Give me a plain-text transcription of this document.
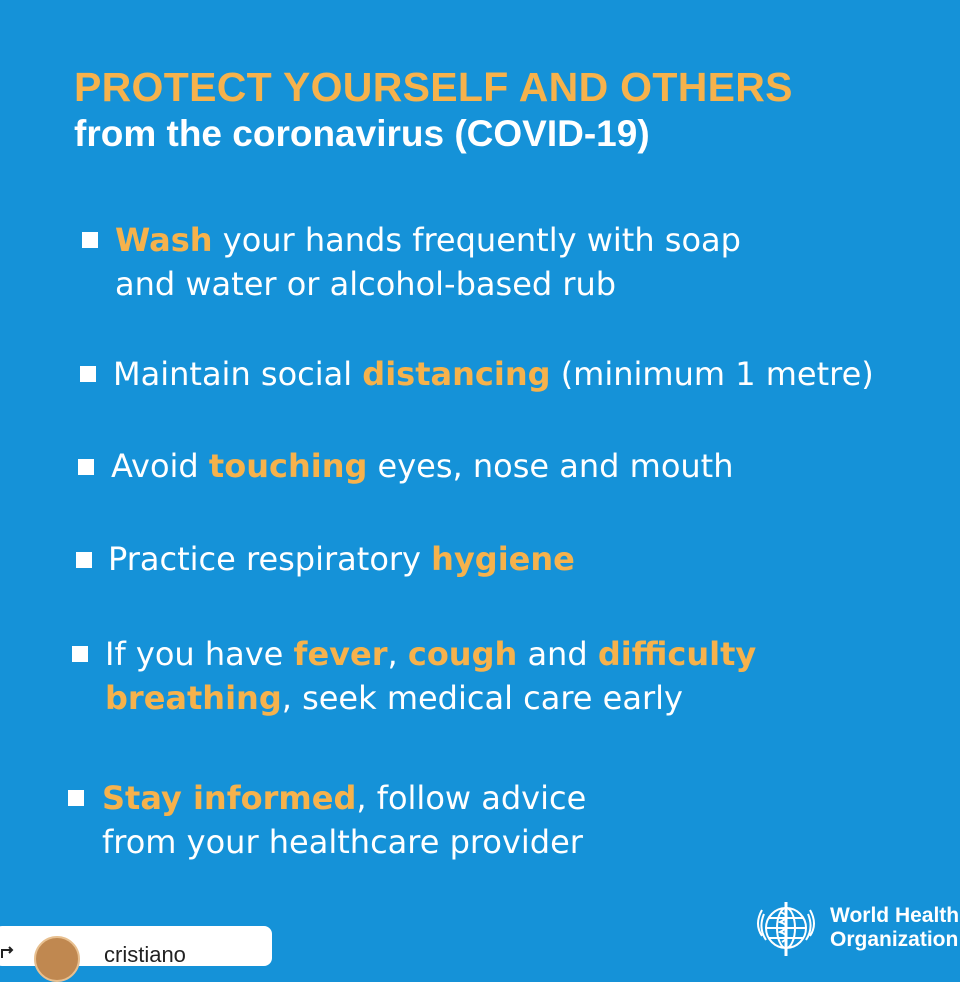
PROTECT YOURSELF AND OTHERS
from the coronavirus (COVID-19)
Wash your hands frequently with soap
and water or alcohol-based rub
Maintain social distancing (minimum 1 metre)
Avoid touching eyes, nose and mouth
Practice respiratory hygiene
If you have fever, cough and difficulty
breathing, seek medical care early
Stay informed, follow advice
from your healthcare provider
World Health
Organization
cristiano
